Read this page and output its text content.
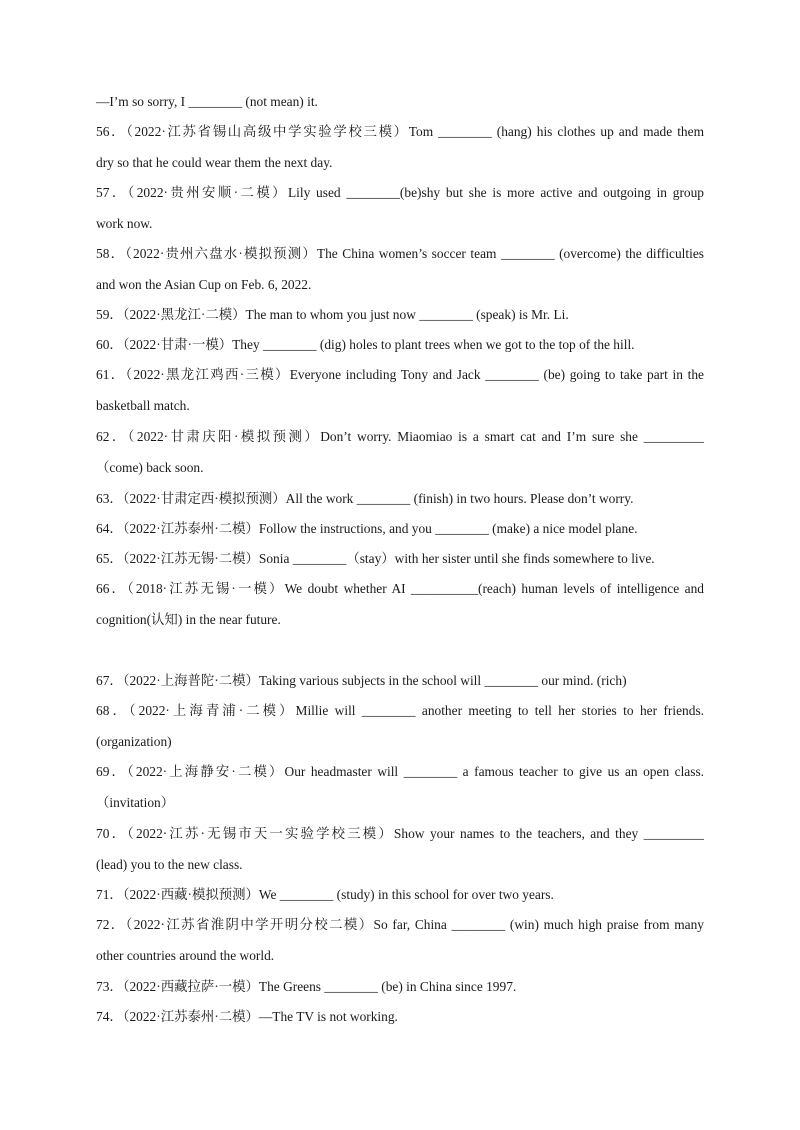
—I’m so sorry, I ________ (not mean) it.
56．（2022·江苏省锡山高级中学实验学校三模）Tom ________ (hang) his clothes up and made them
dry so that he could wear them the next day.
57．（2022·贵州安顺·二模）Lily used ________(be)shy but she is more active and outgoing in group
work now.
58．（2022·贵州六盘水·模拟预测）The China women’s soccer team ________ (overcome) the difficulties
and won the Asian Cup on Feb. 6, 2022.
59．（2022·黑龙江·二模）The man to whom you just now ________ (speak) is Mr. Li.
60．（2022·甘肃·一模）They ________ (dig) holes to plant trees when we got to the top of the hill.
61．（2022·黑龙江鸡西·三模）Everyone including Tony and Jack ________ (be) going to take part in the
basketball match.
62．（2022·甘肃庆阳·模拟预测）Don’t worry. Miaomiao is a smart cat and I’m sure she _________
（come) back soon.
63．（2022·甘肃定西·模拟预测）All the work ________ (finish) in two hours. Please don’t worry.
64．（2022·江苏泰州·二模）Follow the instructions, and you ________ (make) a nice model plane.
65．（2022·江苏无锡·二模）Sonia ________（stay）with her sister until she finds somewhere to live.
66．（2018·江苏无锡·一模）We doubt whether AI __________(reach) human levels of intelligence and
cognition(认知) in the near future.
67．（2022·上海普陀·二模）Taking various subjects in the school will ________ our mind. (rich)
68．（2022·上海青浦·二模）Millie will ________ another meeting to tell her stories to her friends.
(organization)
69．（2022·上海静安·二模）Our headmaster will ________ a famous teacher to give us an open class.
（invitation）
70．（2022·江苏·无锡市天一实验学校三模）Show your names to the teachers, and they _________
(lead) you to the new class.
71．（2022·西藏·模拟预测）We ________ (study) in this school for over two years.
72．（2022·江苏省淮阴中学开明分校二模）So far, China ________ (win) much high praise from many
other countries around the world.
73．（2022·西藏拉萨·一模）The Greens ________ (be) in China since 1997.
74．（2022·江苏泰州·二模）—The TV is not working.
